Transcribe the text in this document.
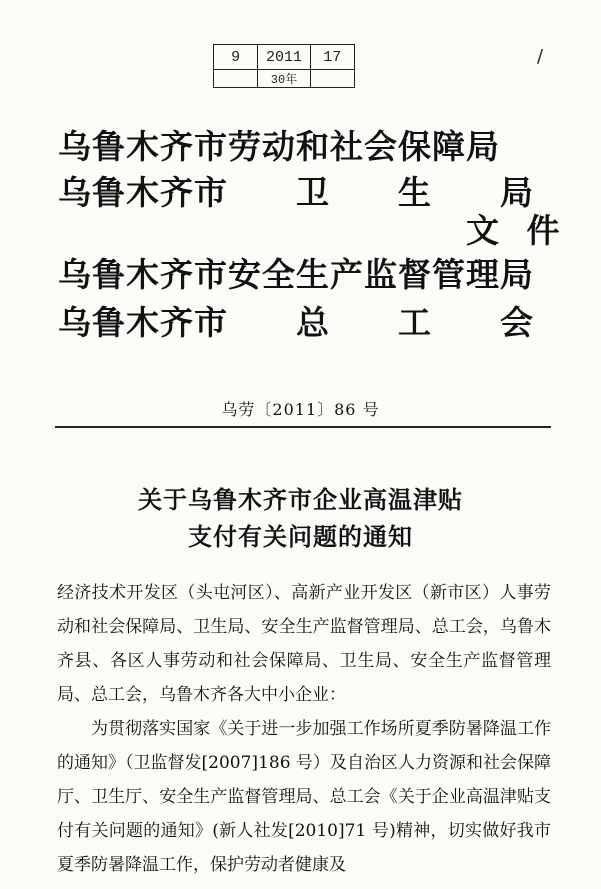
9	2011	17
30年
/
乌鲁木齐市劳动和社会保障局
乌鲁木齐市　　卫　　生　　局
文 件
乌鲁木齐市安全生产监督管理局
乌鲁木齐市　　总　　工　　会
乌劳〔2011〕86 号
关于乌鲁木齐市企业高温津贴
支付有关问题的通知

经济技术开发区（头屯河区）、高新产业开发区（新市区）人事劳动和社会保障局、卫生局、安全生产监督管理局、总工会，乌鲁木齐县、各区人事劳动和社会保障局、卫生局、安全生产监督管理局、总工会，乌鲁木齐各大中小企业：

为贯彻落实国家《关于进一步加强工作场所夏季防暑降温工作的通知》（卫监督发[2007]186 号）及自治区人力资源和社会保障厅、卫生厅、安全生产监督管理局、总工会《关于企业高温津贴支付有关问题的通知》(新人社发[2010]71 号)精神，切实做好我市夏季防暑降温工作，保护劳动者健康及
